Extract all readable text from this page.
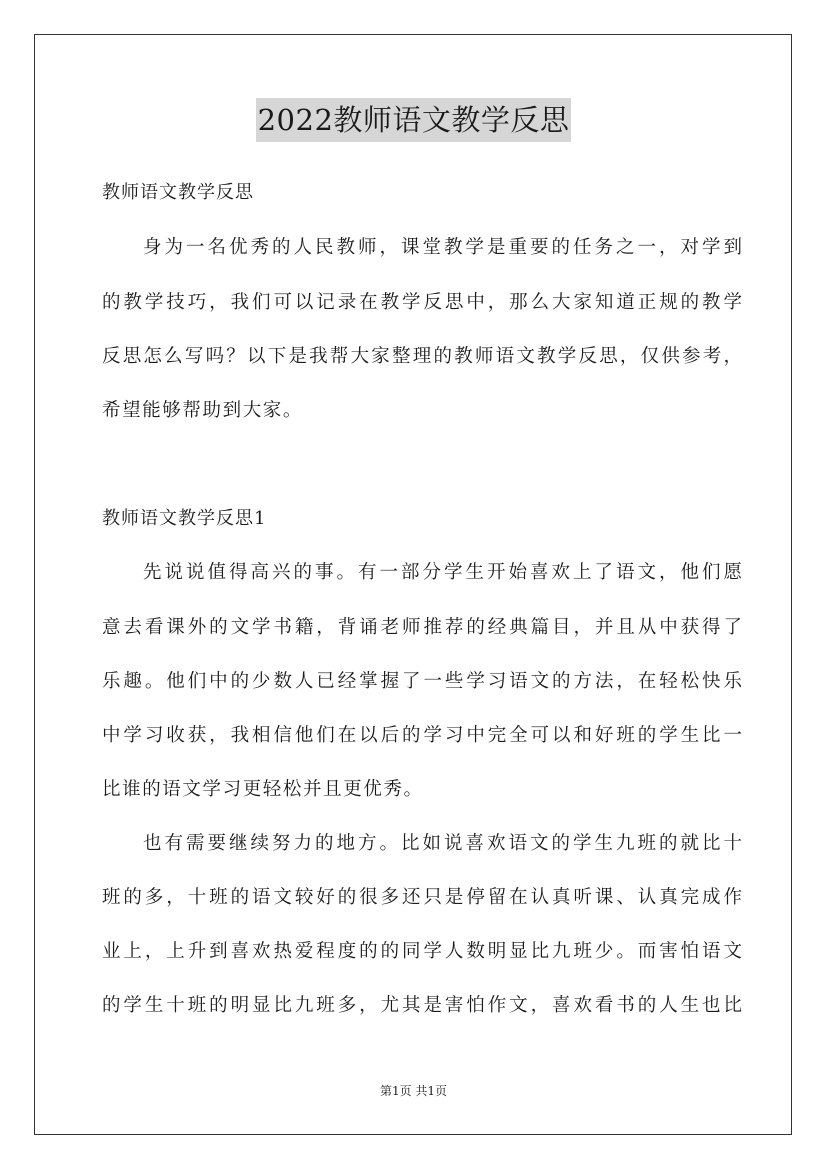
2022教师语文教学反思
教师语文教学反思
身为一名优秀的人民教师，课堂教学是重要的任务之一，对学到
的教学技巧，我们可以记录在教学反思中，那么大家知道正规的教学
反思怎么写吗？以下是我帮大家整理的教师语文教学反思，仅供参考，
希望能够帮助到大家。
教师语文教学反思1
先说说值得高兴的事。有一部分学生开始喜欢上了语文，他们愿
意去看课外的文学书籍，背诵老师推荐的经典篇目，并且从中获得了
乐趣。他们中的少数人已经掌握了一些学习语文的方法，在轻松快乐
中学习收获，我相信他们在以后的学习中完全可以和好班的学生比一
比谁的语文学习更轻松并且更优秀。
也有需要继续努力的地方。比如说喜欢语文的学生九班的就比十
班的多，十班的语文较好的很多还只是停留在认真听课、认真完成作
业上，上升到喜欢热爱程度的的同学人数明显比九班少。而害怕语文
的学生十班的明显比九班多，尤其是害怕作文，喜欢看书的人生也比
第1页 共1页
